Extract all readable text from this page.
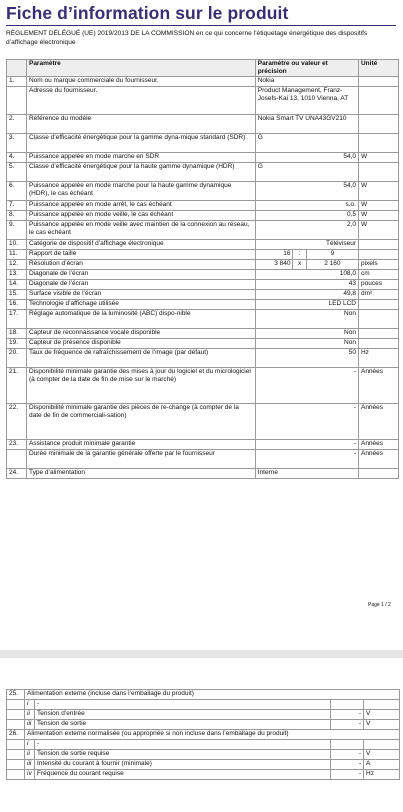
Fiche d’information sur le produit
RÈGLEMENT DÉLÉGUÉ (UE) 2019/2013 DE LA COMMISSION en ce qui concerne l’étiquetage énergétique des dispositifs d’affichage électronique
	Paramètre	Paramètre ou valeur et précision			Unité
1.	Nom ou marque commerciale du fournisseur.	Nokia			
	Adresse du fournisseur.	Product Management, Franz-Josefs-Kai 13, 1010 Vienna, AT			
2.	Référence du modèle	Nokia Smart TV UNA43GV210			
3.	Classe d’efficacité énergétique pour la gamme dyna-mique standard (SDR)	G			
4.	Puissance appelée en mode marche en SDR	54,0			W
5.	Classe d’efficacité énergétique pour la haute gamme dynamique (HDR)	G			
6.	Puissance appelée en mode marche pour la haute gamme dynamique (HDR), le cas échéant	54,0			W
7.	Puissance appelée en mode arrêt, le cas échéant	s.o.			W
8.	Puissance appelée en mode veille, le cas échéant	0,5			W
9.	Puissance appelée en mode veille avec maintien de la connexion au réseau, le cas échéant	2,0			W
10.	Catégorie de dispositif d’affichage électronique	Téléviseur			
11.	Rapport de taille	16	:	9	
12.	Résolution d’écran	3 840	x	2 160	pixels
13.	Diagonale de l’écran	108,0			cm
14.	Diagonale de l’écran	43			pouces
15.	Surface visible de l’écran	49,8			dm²
16.	Technologie d’affichage utilisée	LED LCD			
17.	Réglage automatique de la luminosité (ABC) dispo-nible	Non			
18.	Capteur de reconnaissance vocale disponible	Non			
19.	Capteur de présence disponible	Non			
20.	Taux de fréquence de rafraîchissement de l’image (par défaut)	50			Hz
21.	Disponibilité minimale garantie des mises à jour du logiciel et du micrologiciel (à compter de la date de fin de mise sur le marché)	-			Années
22.	Disponibilité minimale garantie des pièces de re-change (à compter de la date de fin de commerciali-sation)	-			Années
23.	Assistance produit minimale garantie	-			Années
	Durée minimale de la garantie générale offerte par le fournisseur	-			Années
24.	Type d’alimentation	Interne			
Page 1 / 2
25.	Alimentation externe (incluse dans l’emballage du produit)			
	i	-		
	ii	Tension d’entrée	-	V
	iii	Tension de sortie	-	V
26.	Alimentation externe normalisée (ou appropriée si non incluse dans l’emballage du produit)			
	i	-		
	ii	Tension de sortie requise	-	V
	iii	Intensité du courant à fournir (minimale)	-	A
	iv	Fréquence du courant requise	-	Hz
